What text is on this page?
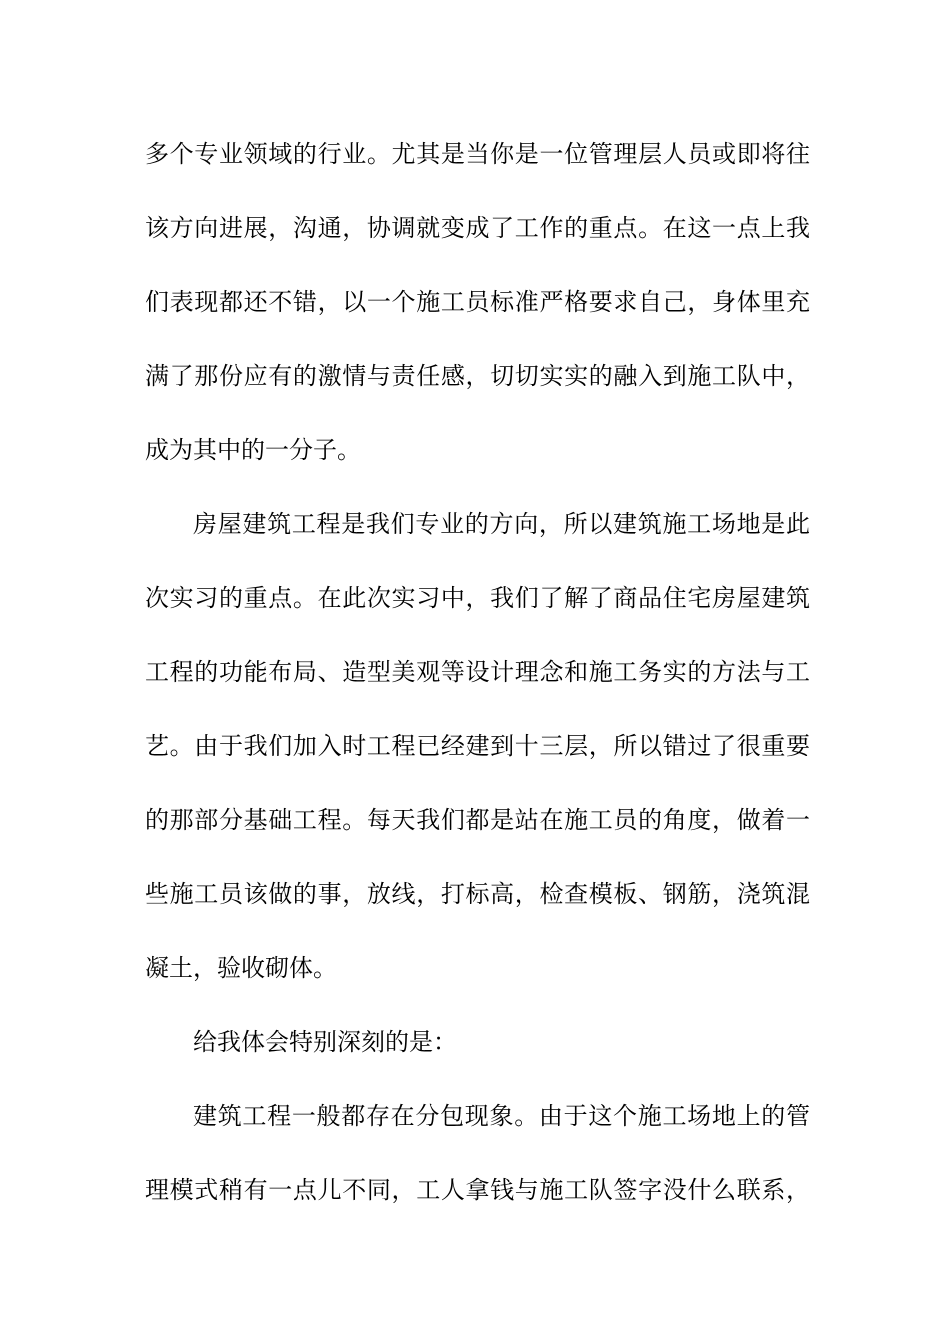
多个专业领域的行业。尤其是当你是一位管理层人员或即将往
该方向进展，沟通，协调就变成了工作的重点。在这一点上我
们表现都还不错，以一个施工员标准严格要求自己，身体里充
满了那份应有的激情与责任感，切切实实的融入到施工队中，
成为其中的一分子。
房屋建筑工程是我们专业的方向，所以建筑施工场地是此
次实习的重点。在此次实习中，我们了解了商品住宅房屋建筑
工程的功能布局、造型美观等设计理念和施工务实的方法与工
艺。由于我们加入时工程已经建到十三层，所以错过了很重要
的那部分基础工程。每天我们都是站在施工员的角度，做着一
些施工员该做的事，放线，打标高，检查模板、钢筋，浇筑混
凝土，验收砌体。
给我体会特别深刻的是：
建筑工程一般都存在分包现象。由于这个施工场地上的管
理模式稍有一点儿不同，工人拿钱与施工队签字没什么联系，
